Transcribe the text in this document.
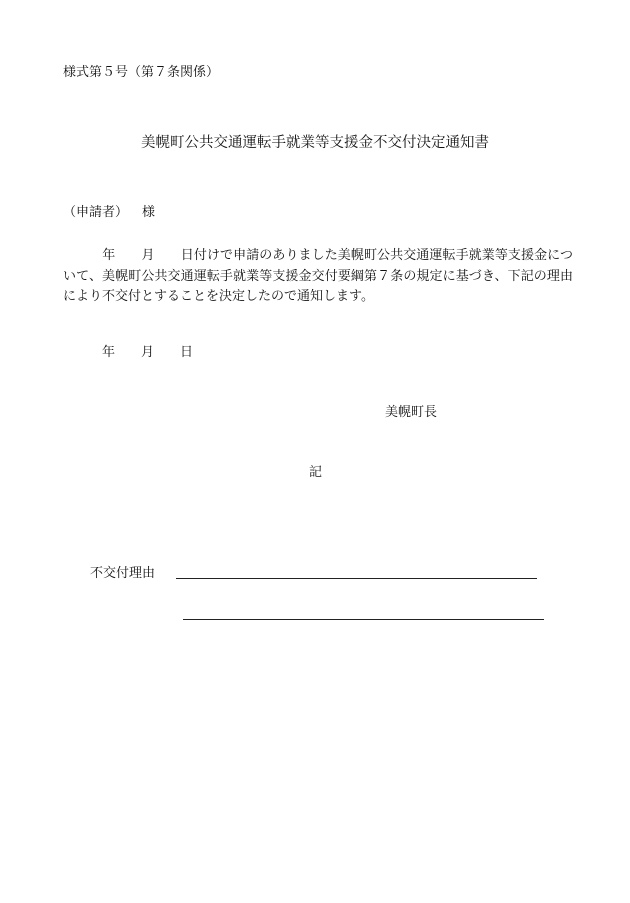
様式第５号（第７条関係）
美幌町公共交通運転手就業等支援金不交付決定通知書
（申請者） 様
　　　年　　月　　日付けで申請のありました美幌町公共交通運転手就業等支援金について、美幌町公共交通運転手就業等支援金交付要綱第７条の規定に基づき、下記の理由により不交付とすることを決定したので通知します。
　　　年　　月　　日
美幌町長
記
不交付理由
